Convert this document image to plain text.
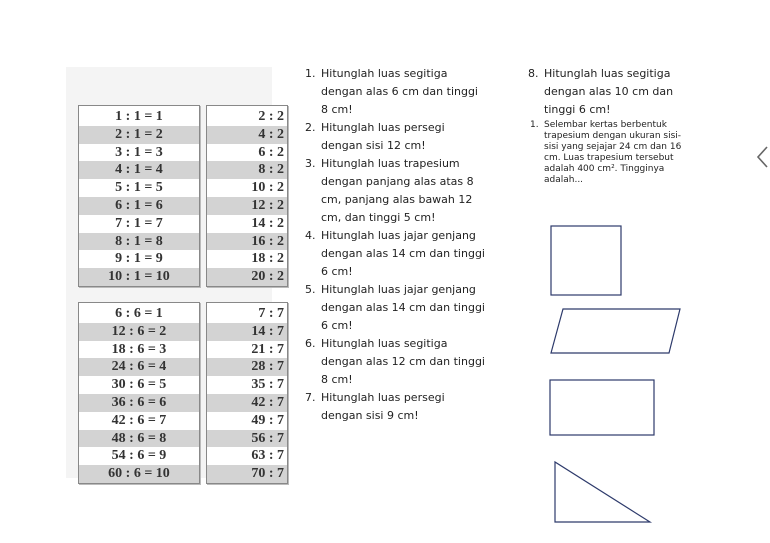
1 : 1 = 1
2 : 1 = 2
3 : 1 = 3
4 : 1 = 4
5 : 1 = 5
6 : 1 = 6
7 : 1 = 7
8 : 1 = 8
9 : 1 = 9
10 : 1 = 10
2 : 2
4 : 2
6 : 2
8 : 2
10 : 2
12 : 2
14 : 2
16 : 2
18 : 2
20 : 2
6 : 6 = 1
12 : 6 = 2
18 : 6 = 3
24 : 6 = 4
30 : 6 = 5
36 : 6 = 6
42 : 6 = 7
48 : 6 = 8
54 : 6 = 9
60 : 6 = 10
7 : 7
14 : 7
21 : 7
28 : 7
35 : 7
42 : 7
49 : 7
56 : 7
63 : 7
70 : 7
1. Hitunglah luas segitiga dengan alas 6 cm dan tinggi 8 cm!
2. Hitunglah luas persegi dengan sisi 12 cm!
3. Hitunglah luas trapesium dengan panjang alas atas 8 cm, panjang alas bawah 12 cm, dan tinggi 5 cm!
4. Hitunglah luas jajar genjang dengan alas 14 cm dan tinggi 6 cm!
5. Hitunglah luas jajar genjang dengan alas 14 cm dan tinggi 6 cm!
6. Hitunglah luas segitiga dengan alas 12 cm dan tinggi 8 cm!
7. Hitunglah luas persegi dengan sisi 9 cm!
8. Hitunglah luas segitiga dengan alas 10 cm dan tinggi 6 cm!
1. Selembar kertas berbentuk trapesium dengan ukuran sisi-sisi yang sejajar 24 cm dan 16 cm. Luas trapesium tersebut adalah 400 cm². Tingginya adalah...
